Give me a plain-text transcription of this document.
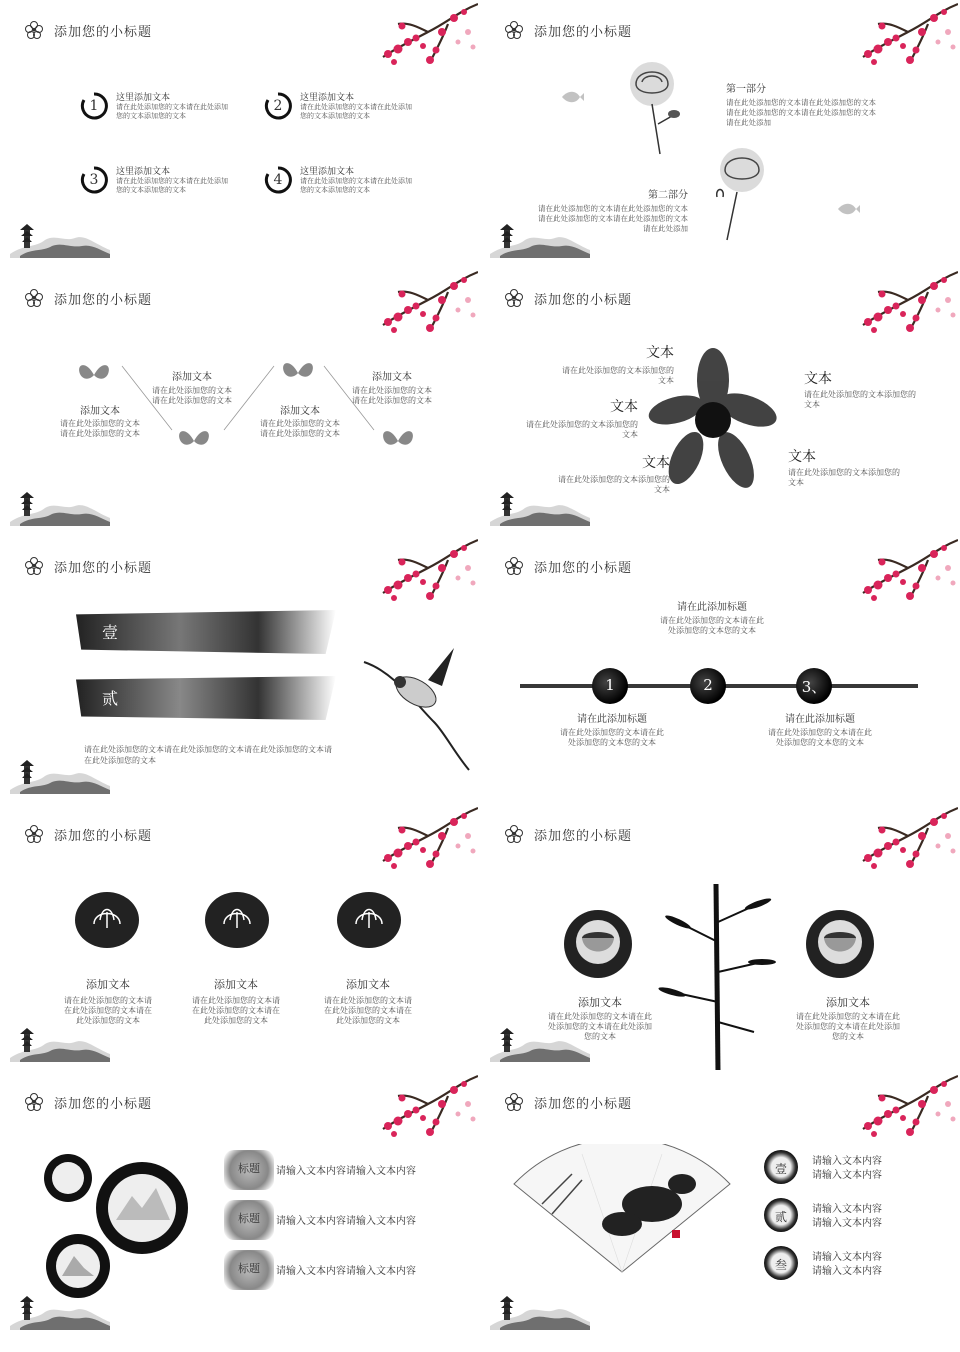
添加您的小标题
1	这里添加文本
请在此处添加您的文本请在此处添加您的文本添加您的文本
2	这里添加文本
请在此处添加您的文本请在此处添加您的文本添加您的文本
3	这里添加文本
请在此处添加您的文本请在此处添加您的文本添加您的文本
4	这里添加文本
请在此处添加您的文本请在此处添加您的文本添加您的文本
添加您的小标题
第一部分
请在此处添加您的文本请在此处添加您的文本请在此处添加您的文本请在此处添加您的文本请在此处添加
第二部分
请在此处添加您的文本请在此处添加您的文本请在此处添加您的文本请在此处添加您的文本请在此处添加
添加您的小标题
添加文本
请在此处添加您的文本请在此处添加您的文本
添加文本
请在此处添加您的文本请在此处添加您的文本
添加文本
请在此处添加您的文本请在此处添加您的文本
添加文本
请在此处添加您的文本请在此处添加您的文本
添加您的小标题
文本
请在此处添加您的文本添加您的文本
文本
请在此处添加您的文本添加您的文本
文本
请在此处添加您的文本添加您的文本
文本
请在此处添加您的文本添加您的文本
文本
请在此处添加您的文本添加您的文本
添加您的小标题
壹
贰
请在此处添加您的文本请在此处添加您的文本请在此处添加您的文本请在此处添加您的文本
添加您的小标题
请在此添加标题
请在此处添加您的文本请在此处添加您的文本您的文本
1	2	3、
请在此添加标题
请在此处添加您的文本请在此处添加您的文本您的文本
请在此添加标题
请在此处添加您的文本请在此处添加您的文本您的文本
添加您的小标题
添加文本
请在此处添加您的文本请在此处添加您的文本请在此处添加您的文本
添加文本
请在此处添加您的文本请在此处添加您的文本请在此处添加您的文本
添加文本
请在此处添加您的文本请在此处添加您的文本请在此处添加您的文本
添加您的小标题
添加文本
请在此处添加您的文本请在此处添加您的文本请在此处添加您的文本
添加文本
请在此处添加您的文本请在此处添加您的文本请在此处添加您的文本
添加您的小标题
标题
标题
标题
请输入文本内容请输入文本内容
请输入文本内容请输入文本内容
请输入文本内容请输入文本内容
添加您的小标题
壹
贰
叁
请输入文本内容
请输入文本内容
请输入文本内容
请输入文本内容
请输入文本内容
请输入文本内容
